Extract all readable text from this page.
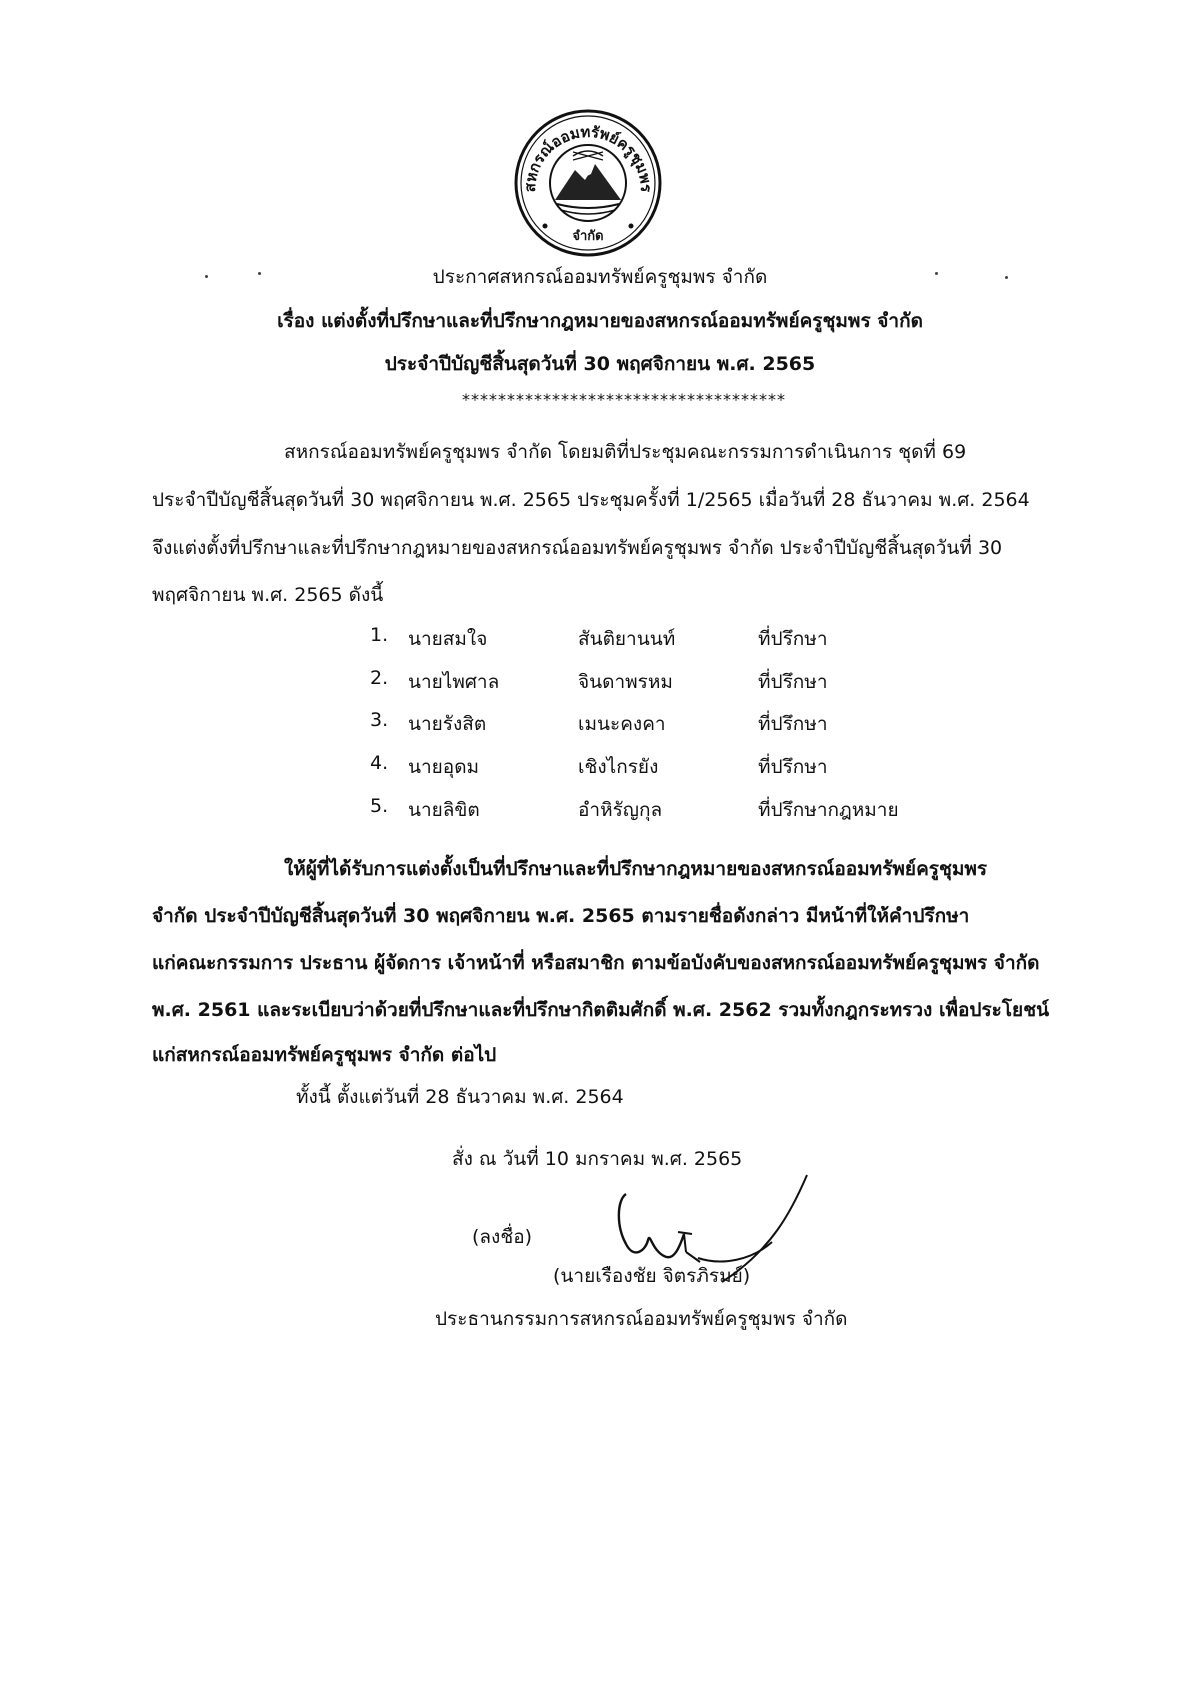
สหกรณ์ออมทรัพย์ครูชุมพร
จำกัด
ประกาศสหกรณ์ออมทรัพย์ครูชุมพร จำกัด
เรื่อง แต่งตั้งที่ปรึกษาและที่ปรึกษากฎหมายของสหกรณ์ออมทรัพย์ครูชุมพร จำกัด
ประจำปีบัญชีสิ้นสุดวันที่ 30 พฤศจิกายน พ.ศ. 2565
************************************
สหกรณ์ออมทรัพย์ครูชุมพร จำกัด โดยมติที่ประชุมคณะกรรมการดำเนินการ ชุดที่ 69
ประจำปีบัญชีสิ้นสุดวันที่ 30 พฤศจิกายน พ.ศ. 2565 ประชุมครั้งที่ 1/2565 เมื่อวันที่ 28 ธันวาคม พ.ศ. 2564
จึงแต่งตั้งที่ปรึกษาและที่ปรึกษากฎหมายของสหกรณ์ออมทรัพย์ครูชุมพร จำกัด ประจำปีบัญชีสิ้นสุดวันที่ 30
พฤศจิกายน พ.ศ. 2565 ดังนี้
1. นายสมใจ	สันติยานนท์	ที่ปรึกษา
2. นายไพศาล	จินดาพรหม	ที่ปรึกษา
3. นายรังสิต	เมนะคงคา	ที่ปรึกษา
4. นายอุดม	เชิงไกรยัง	ที่ปรึกษา
5. นายลิขิต	อำหิรัญกุล	ที่ปรึกษากฎหมาย
ให้ผู้ที่ได้รับการแต่งตั้งเป็นที่ปรึกษาและที่ปรึกษากฎหมายของสหกรณ์ออมทรัพย์ครูชุมพร
จำกัด ประจำปีบัญชีสิ้นสุดวันที่ 30 พฤศจิกายน พ.ศ. 2565 ตามรายชื่อดังกล่าว มีหน้าที่ให้คำปรึกษา
แก่คณะกรรมการ ประธาน ผู้จัดการ เจ้าหน้าที่ หรือสมาชิก ตามข้อบังคับของสหกรณ์ออมทรัพย์ครูชุมพร จำกัด
พ.ศ. 2561 และระเบียบว่าด้วยที่ปรึกษาและที่ปรึกษากิตติมศักดิ์ พ.ศ. 2562 รวมทั้งกฎกระทรวง เพื่อประโยชน์
แก่สหกรณ์ออมทรัพย์ครูชุมพร จำกัด ต่อไป
ทั้งนี้ ตั้งแต่วันที่ 28 ธันวาคม พ.ศ. 2564
สั่ง ณ วันที่ 10 มกราคม พ.ศ. 2565
(ลงชื่อ)
(นายเรืองชัย จิตรภิรมย์)
ประธานกรรมการสหกรณ์ออมทรัพย์ครูชุมพร จำกัด
